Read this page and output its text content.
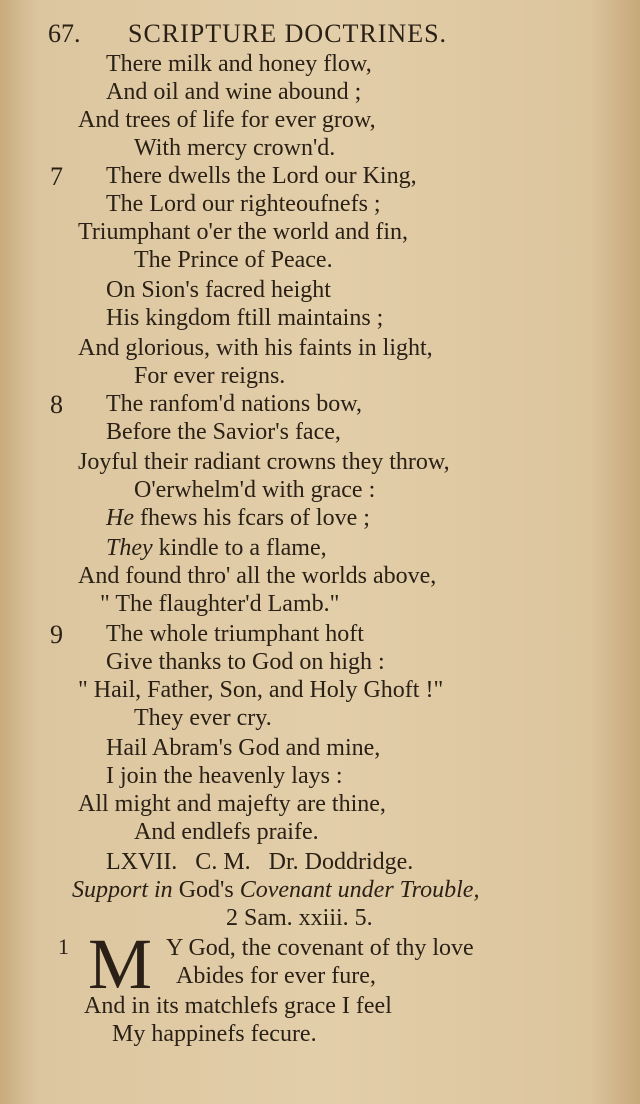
67. SCRIPTURE DOCTRINES.
There milk and honey flow,
And oil and wine abound ;
And trees of life for ever grow,
With mercy crown'd.
7 There dwells the Lord our King,
The Lord our righteoufnefs ;
Triumphant o'er the world and fin,
The Prince of Peace.
On Sion's facred height
His kingdom ftill maintains ;
And glorious, with his faints in light,
For ever reigns.
8 The ranfom'd nations bow,
Before the Savior's face,
Joyful their radiant crowns they throw,
O'erwhelm'd with grace :
He fhews his fcars of love ;
They kindle to a flame,
And found thro' all the worlds above,
" The flaughter'd Lamb."
9 The whole triumphant hoft
Give thanks to God on high :
" Hail, Father, Son, and Holy Ghoft !"
They ever cry.
Hail Abram's God and mine,
I join the heavenly lays :
All might and majefty are thine,
And endlefs praife.
LXVII.   C. M.   Dr. Doddridge.
Support in God's Covenant under Trouble,
2 Sam. xxiii. 5.
1 M Y God, the covenant of thy love
Abides for ever fure,
And in its matchlefs grace I feel
My happinefs fecure.
